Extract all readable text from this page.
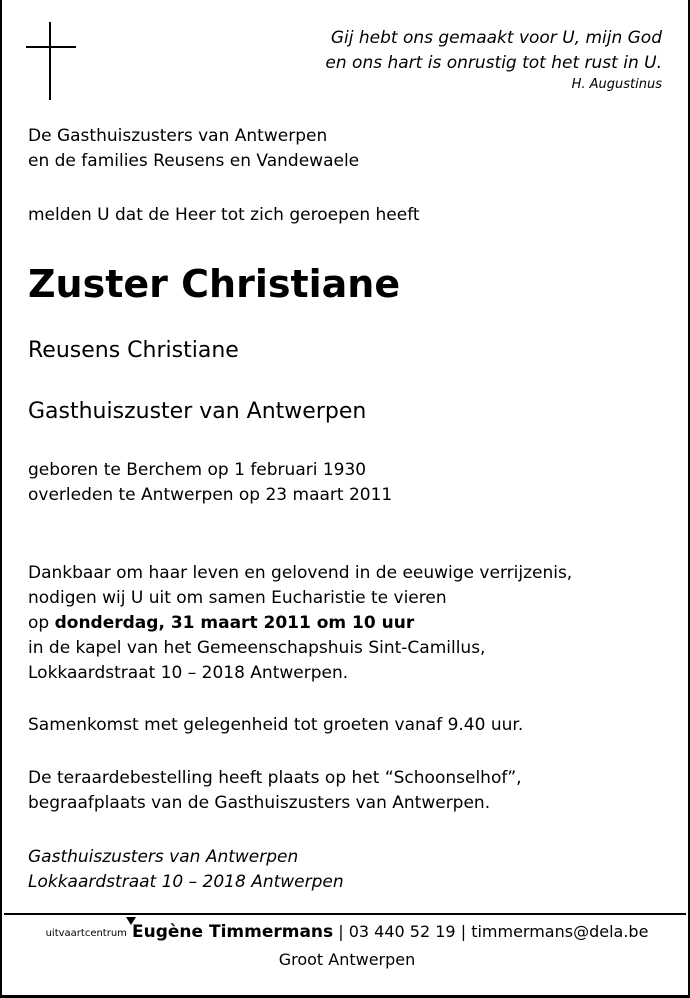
Gij hebt ons gemaakt voor U, mijn God
en ons hart is onrustig tot het rust in U.
H. Augustinus
De Gasthuiszusters van Antwerpen
en de families Reusens en Vandewaele
melden U dat de Heer tot zich geroepen heeft
Zuster Christiane
Reusens Christiane
Gasthuiszuster van Antwerpen
geboren te Berchem op 1 februari 1930
overleden te Antwerpen op 23 maart 2011
Dankbaar om haar leven en gelovend in de eeuwige verrijzenis,
nodigen wij U uit om samen Eucharistie te vieren
op donderdag, 31 maart 2011 om 10 uur
in de kapel van het Gemeenschapshuis Sint-Camillus,
Lokkaardstraat 10 – 2018 Antwerpen.
Samenkomst met gelegenheid tot groeten vanaf 9.40 uur.
De teraardebestelling heeft plaats op het “Schoonselhof”,
begraafplaats van de Gasthuiszusters van Antwerpen.
Gasthuiszusters van Antwerpen
Lokkaardstraat 10 – 2018 Antwerpen
uitvaartcentrum Eugène Timmermans | 03 440 52 19 | timmermans@dela.be
Groot Antwerpen
